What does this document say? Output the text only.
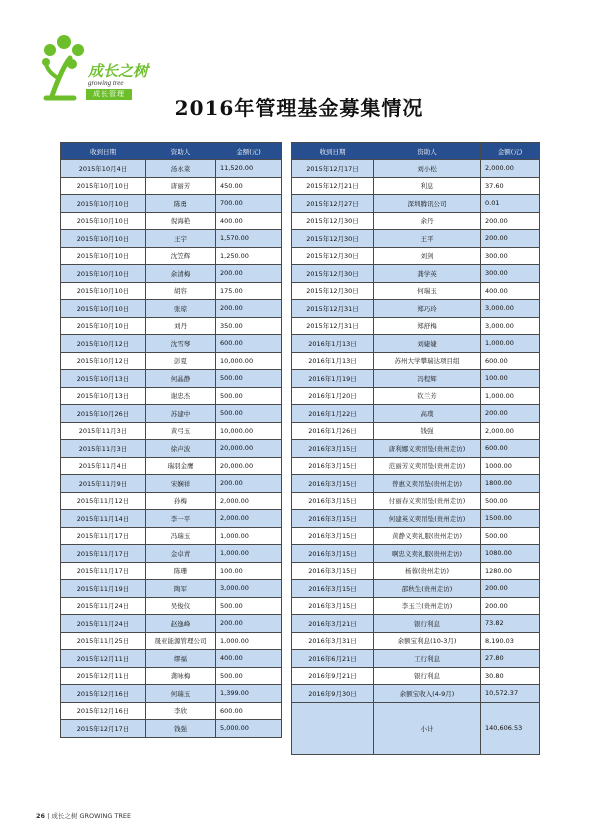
成长之树
growing tree
成长管理
2016年管理基金募集情况
收到日期	资助人	金额(元)
2015年10月4日	汤永菜	11,520.00
2015年10月10日	唐丽芳	450.00
2015年10月10日	陈勇	700.00
2015年10月10日	倪海艳	400.00
2015年10月10日	王宇	1,570.00
2015年10月10日	沈笠辉	1,250.00
2015年10月10日	余清梅	200.00
2015年10月10日	胡容	175.00
2015年10月10日	张琼	200.00
2015年10月10日	刘丹	350.00
2015年10月12日	沈雪琴	600.00
2015年10月12日	彭夏	10,000.00
2015年10月13日	何晶静	500.00
2015年10月13日	谢忠杰	500.00
2015年10月26日	苏建中	500.00
2015年11月3日	黄弓玉	10,000.00
2015年11月3日	徐声波	20,000.00
2015年11月4日	瑞羽金鹰	20,000.00
2015年11月9日	宋娴祥	200.00
2015年11月12日	孙梅	2,000.00
2015年11月14日	李一平	2,000.00
2015年11月17日	冯瑞玉	1,000.00
2015年11月17日	金卓青	1,000.00
2015年11月17日	陈珊	100.00
2015年11月19日	陶军	3,000.00
2015年11月24日	吴俊仪	500.00
2015年11月24日	赵逸峰	200.00
2015年11月25日	晟亚能源管理公司	1,000.00
2015年12月11日	缪福	400.00
2015年12月11日	龚咏梅	500.00
2015年12月16日	何瑞玉	1,399.00
2015年12月16日	李欣	600.00
2015年12月17日	钱强	5,000.00
收到日期	资助人	金额(元)
2015年12月17日	刘小松	2,000.00
2015年12月21日	利息	37.60
2015年12月27日	深圳腾讯公司	0.01
2015年12月30日	余丹	200.00
2015年12月30日	王平	200.00
2015年12月30日	刘剑	300.00
2015年12月30日	龚学英	300.00
2015年12月30日	何瑞玉	400.00
2015年12月31日	郑巧玲	3,000.00
2015年12月31日	郑舒梅	3,000.00
2016年1月13日	刘婕婕	1,000.00
2016年1月13日	苏州大学攀瑞达项目组	600.00
2016年1月19日	冯程辉	100.00
2016年1月20日	钦兰芳	1,000.00
2016年1月22日	高璞	200.00
2016年1月26日	钱强	2,000.00
2016年3月15日	唐利娜义卖吊坠(贵州走访)	600.00
2016年3月15日	范丽芳义卖吊坠(贵州走访)	1000.00
2016年3月15日	曾惠义卖吊坠(贵州走访)	1800.00
2016年3月15日	付丽春义卖吊坠(贵州走访)	500.00
2016年3月15日	何建英义卖吊坠(贵州走访)	1500.00
2016年3月15日	黄静义卖礼服(贵州走访)	500.00
2016年3月15日	啊忠义卖礼服(贵州走访)	1080.00
2016年3月15日	杨蓉(贵州走访)	1280.00
2016年3月15日	邵秋生(贵州走访)	200.00
2016年3月15日	李玉兰(贵州走访)	200.00
2016年3月21日	银行利息	73.82
2016年3月31日	余额宝利息(10-3月)	8,190.03
2016年6月21日	工行利息	27.80
2016年9月21日	银行利息	30.80
2016年9月30日	余额宝收入(4-9月)	10,572.37
	小计	140,606.53
26 | 成长之树 GROWING TREE
